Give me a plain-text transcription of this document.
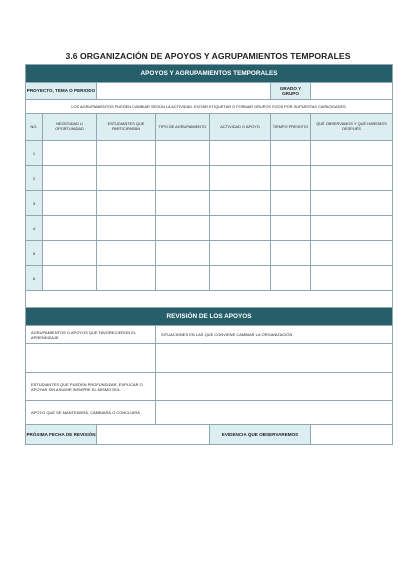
3.6 ORGANIZACIÓN DE APOYOS Y AGRUPAMIENTOS TEMPORALES
APOYOS Y AGRUPAMIENTOS TEMPORALES						
PROYECTO, TEMA O PERIODO					GRADO Y GRUPO	
LOS AGRUPAMIENTOS PUEDEN CAMBIAR SEGÚN LA ACTIVIDAD. EVITAR ETIQUETAR O FORMAR GRUPOS FIJOS POR SUPUESTAS CAPACIDADES.						
NO.	NECESIDAD U OPORTUNIDAD	ESTUDIANTES QUE PARTICIPARÁN	TIPO DE AGRUPAMIENTO	ACTIVIDAD O APOYO	TIEMPO PREVISTO	QUÉ OBSERVAMOS Y QUÉ HAREMOS DESPUÉS
1						
2						
3						
4						
5						
6						

REVISIÓN DE LOS APOYOS						
AGRUPAMIENTOS O APOYOS QUE FAVORECIERON EL APRENDIZAJE			SITUACIONES EN LAS QUE CONVIENE CAMBIAR LA ORGANIZACIÓN			

ESTUDIANTES QUE PUEDEN PROFUNDIZAR, EXPLICAR O APOYAR SIN ASUMIR SIEMPRE EL MISMO ROL						
APOYO QUE SE MANTENDRÁ, CAMBIARÁ O CONCLUIRÁ						
PRÓXIMA FECHA DE REVISIÓN				EVIDENCIA QUE OBSERVAREMOS		
